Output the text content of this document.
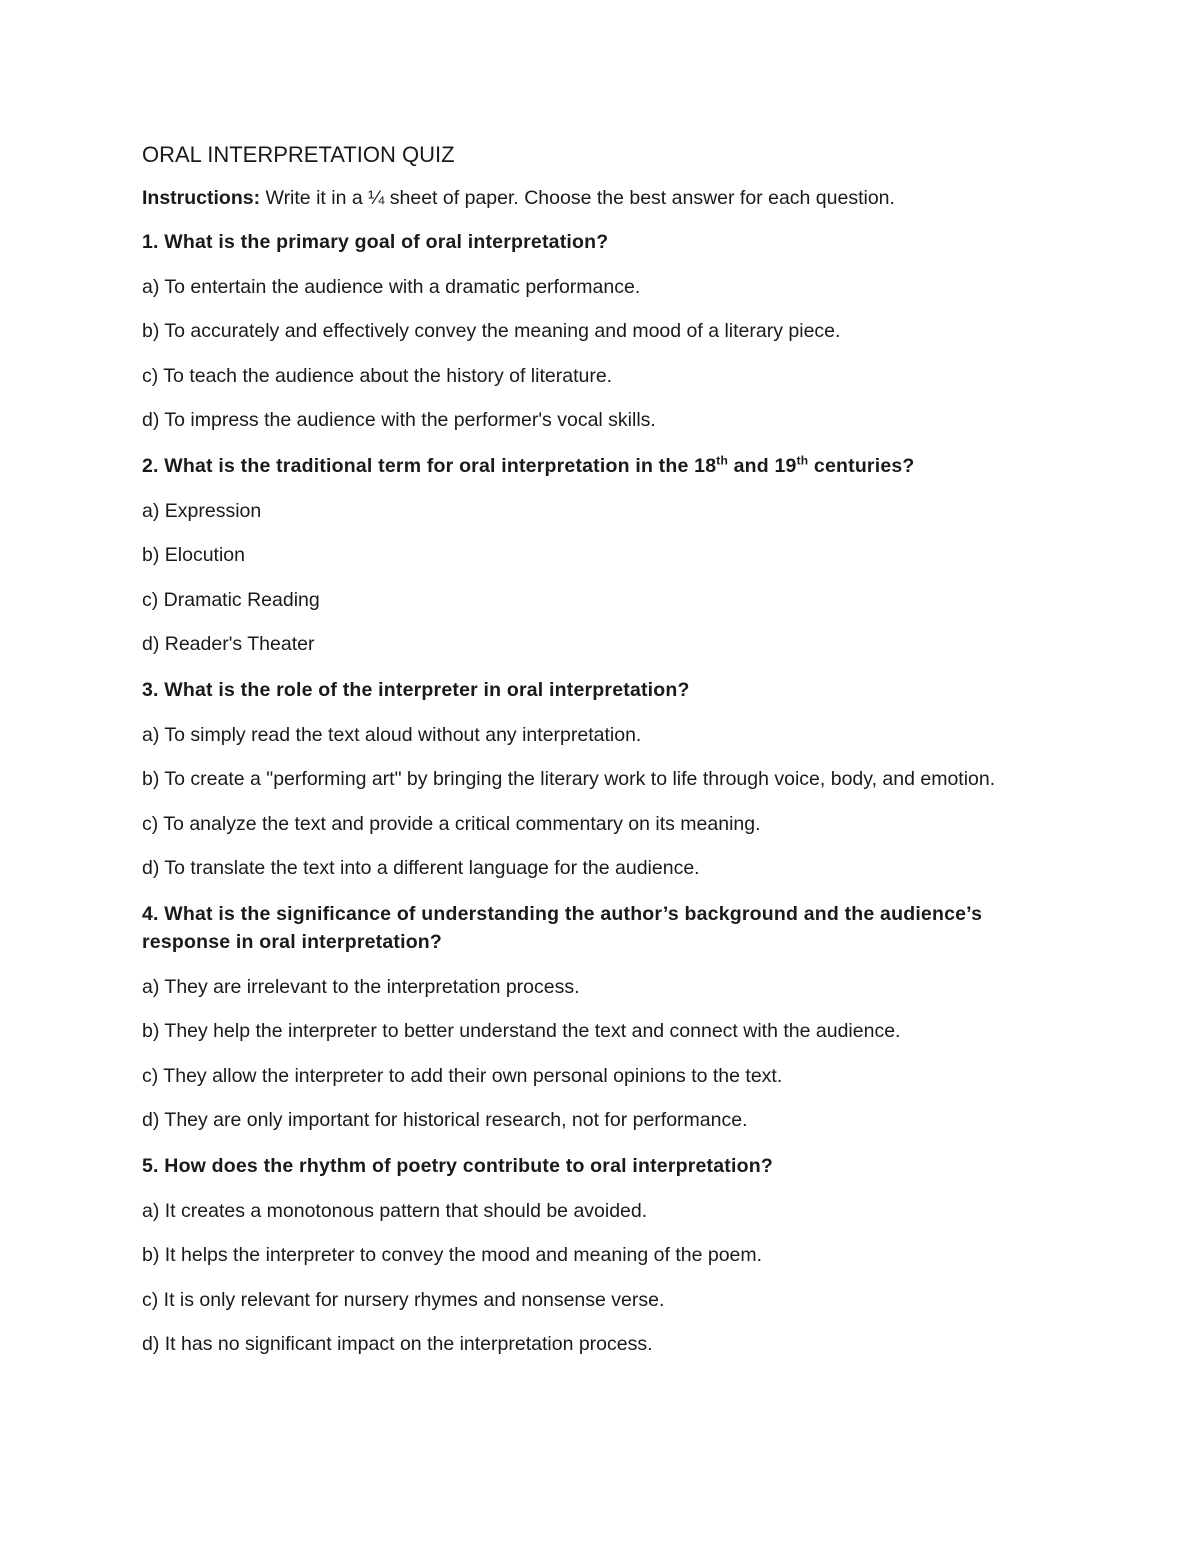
ORAL INTERPRETATION QUIZ

Instructions: Write it in a ¼ sheet of paper. Choose the best answer for each question.

1. What is the primary goal of oral interpretation?

a) To entertain the audience with a dramatic performance.

b) To accurately and effectively convey the meaning and mood of a literary piece.

c) To teach the audience about the history of literature.

d) To impress the audience with the performer's vocal skills.

2. What is the traditional term for oral interpretation in the 18th and 19th centuries?

a) Expression

b) Elocution

c) Dramatic Reading

d) Reader's Theater

3. What is the role of the interpreter in oral interpretation?

a) To simply read the text aloud without any interpretation.

b) To create a "performing art" by bringing the literary work to life through voice, body, and emotion.

c) To analyze the text and provide a critical commentary on its meaning.

d) To translate the text into a different language for the audience.

4. What is the significance of understanding the author’s background and the audience’s response in oral interpretation?

a) They are irrelevant to the interpretation process.

b) They help the interpreter to better understand the text and connect with the audience.

c) They allow the interpreter to add their own personal opinions to the text.

d) They are only important for historical research, not for performance.

5. How does the rhythm of poetry contribute to oral interpretation?

a) It creates a monotonous pattern that should be avoided.

b) It helps the interpreter to convey the mood and meaning of the poem.

c) It is only relevant for nursery rhymes and nonsense verse.

d) It has no significant impact on the interpretation process.
